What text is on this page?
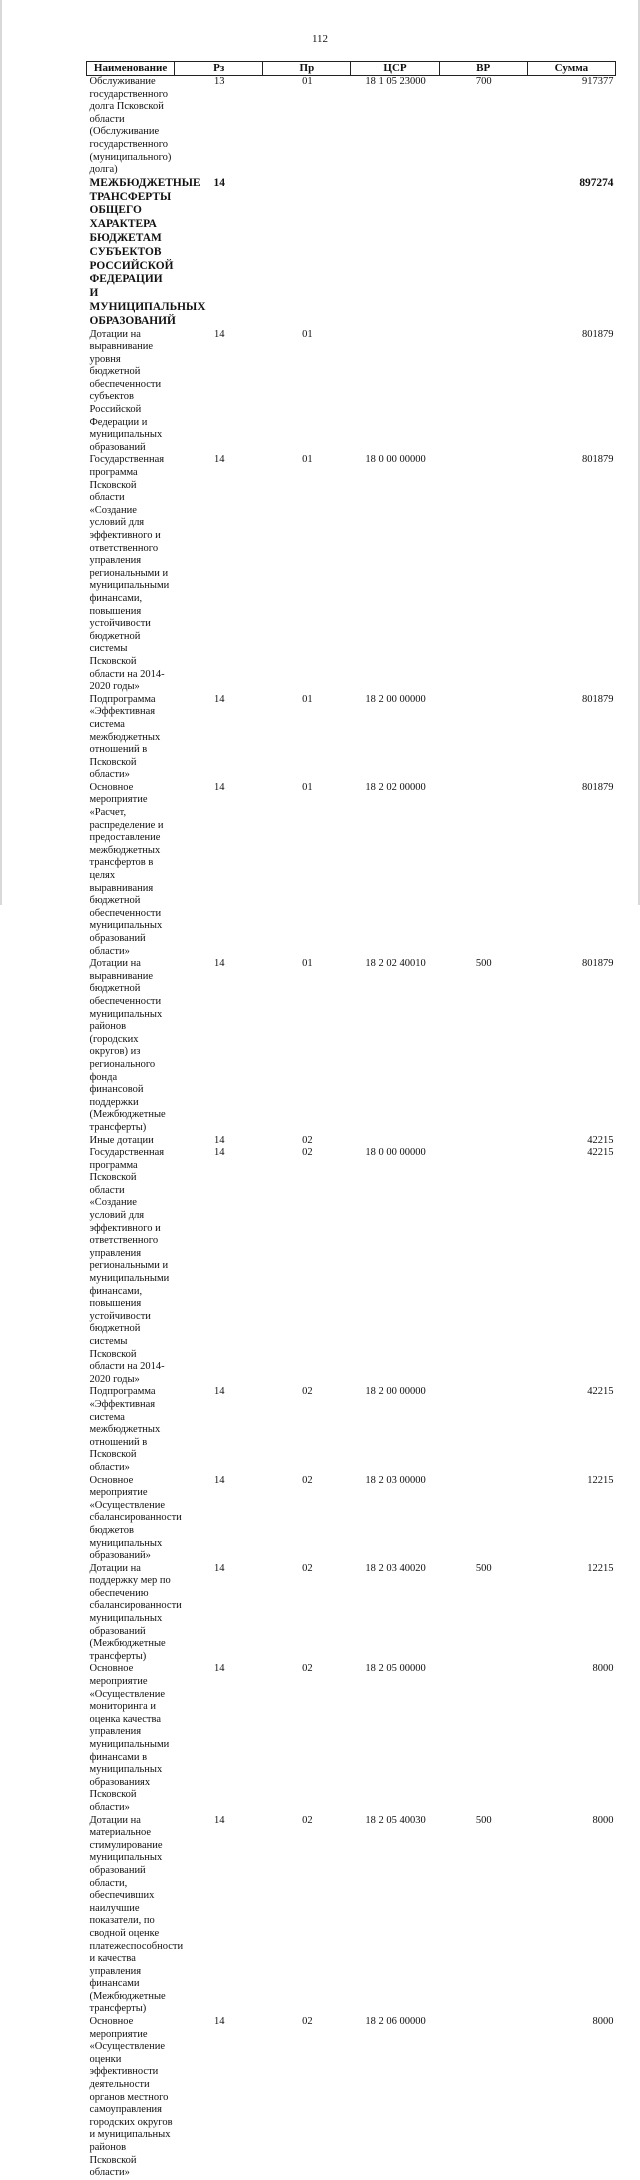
112
Наименование	Рз	Пр	ЦСР	ВР	Сумма
Обслуживание государственного долга Псковской области (Обслуживание государственного (муниципального) долга)	13	01	18 1 05 23000	700	917377
МЕЖБЮДЖЕТНЫЕ ТРАНСФЕРТЫ ОБЩЕГО ХАРАКТЕРА БЮДЖЕТАМ СУБЪЕКТОВ РОССИЙСКОЙ ФЕДЕРАЦИИ И МУНИЦИПАЛЬНЫХ ОБРАЗОВАНИЙ	14				897274
Дотации на выравнивание уровня бюджетной обеспеченности субъектов Российской Федерации и муниципальных образований	14	01			801879
Государственная программа Псковской области «Создание условий для эффективного и ответственного управления региональными и муниципальными финансами, повышения устойчивости бюджетной системы Псковской области на 2014-2020 годы»	14	01	18 0 00 00000		801879
Подпрограмма «Эффективная система межбюджетных отношений в Псковской области»	14	01	18 2 00 00000		801879
Основное мероприятие «Расчет, распределение и предоставление межбюджетных трансфертов в целях выравнивания бюджетной обеспеченности муниципальных образований области»	14	01	18 2 02 00000		801879
Дотации на выравнивание бюджетной обеспеченности муниципальных районов (городских округов) из регионального фонда финансовой поддержки (Межбюджетные трансферты)	14	01	18 2 02 40010	500	801879
Иные дотации	14	02			42215
Государственная программа Псковской области «Создание условий для эффективного и ответственного управления региональными и муниципальными финансами, повышения устойчивости бюджетной системы Псковской области на 2014-2020 годы»	14	02	18 0 00 00000		42215
Подпрограмма «Эффективная система межбюджетных отношений в Псковской области»	14	02	18 2 00 00000		42215
Основное мероприятие «Осуществление сбалансированности бюджетов муниципальных образований»	14	02	18 2 03 00000		12215
Дотации на поддержку мер по обеспечению сбалансированности муниципальных образований (Межбюджетные трансферты)	14	02	18 2 03 40020	500	12215
Основное мероприятие «Осуществление мониторинга и оценка качества управления муниципальными финансами в муниципальных образованиях Псковской области»	14	02	18 2 05 00000		8000
Дотации на материальное стимулирование муниципальных образований области, обеспечивших наилучшие показатели, по сводной оценке платежеспособности и качества управления финансами (Межбюджетные трансферты)	14	02	18 2 05 40030	500	8000
Основное мероприятие «Осуществление оценки эффективности деятельности органов местного самоуправления городских округов и муниципальных районов Псковской области»	14	02	18 2 06 00000		8000
